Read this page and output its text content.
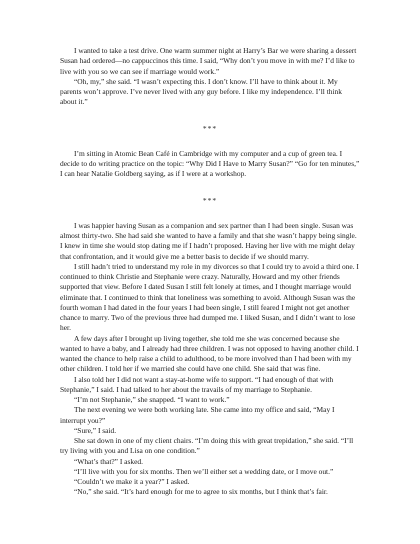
I wanted to take a test drive. One warm summer night at Harry’s Bar we were sharing a dessert Susan had ordered—no cappuccinos this time. I said, “Why don’t you move in with me? I’d like to live with you so we can see if marriage would work.”

“Oh, my,” she said. “I wasn’t expecting this. I don’t know. I’ll have to think about it. My parents won’t approve. I’ve never lived with any guy before. I like my independence. I’ll think about it.”

***

I’m sitting in Atomic Bean Café in Cambridge with my computer and a cup of green tea. I decide to do writing practice on the topic: “Why Did I Have to Marry Susan?” “Go for ten minutes,” I can hear Natalie Goldberg saying, as if I were at a workshop.

***

I was happier having Susan as a companion and sex partner than I had been single. Susan was almost thirty-two. She had said she wanted to have a family and that she wasn’t happy being single. I knew in time she would stop dating me if I hadn’t proposed. Having her live with me might delay that confrontation, and it would give me a better basis to decide if we should marry.

I still hadn’t tried to understand my role in my divorces so that I could try to avoid a third one. I continued to think Christie and Stephanie were crazy. Naturally, Howard and my other friends supported that view. Before I dated Susan I still felt lonely at times, and I thought marriage would eliminate that. I continued to think that loneliness was something to avoid. Although Susan was the fourth woman I had dated in the four years I had been single, I still feared I might not get another chance to marry. Two of the previous three had dumped me. I liked Susan, and I didn’t want to lose her.

A few days after I brought up living together, she told me she was concerned because she wanted to have a baby, and I already had three children. I was not opposed to having another child. I wanted the chance to help raise a child to adulthood, to be more involved than I had been with my other children. I told her if we married she could have one child. She said that was fine.

I also told her I did not want a stay-at-home wife to support. “I had enough of that with Stephanie,” I said. I had talked to her about the travails of my marriage to Stephanie.

“I’m not Stephanie,” she snapped. “I want to work.”

The next evening we were both working late. She came into my office and said, “May I interrupt you?”

“Sure,” I said.

She sat down in one of my client chairs. “I’m doing this with great trepidation,” she said. “I’ll try living with you and Lisa on one condition.”

“What’s that?” I asked.

“I’ll live with you for six months. Then we’ll either set a wedding date, or I move out.”

“Couldn’t we make it a year?” I asked.

“No,” she said. “It’s hard enough for me to agree to six months, but I think that’s fair.
